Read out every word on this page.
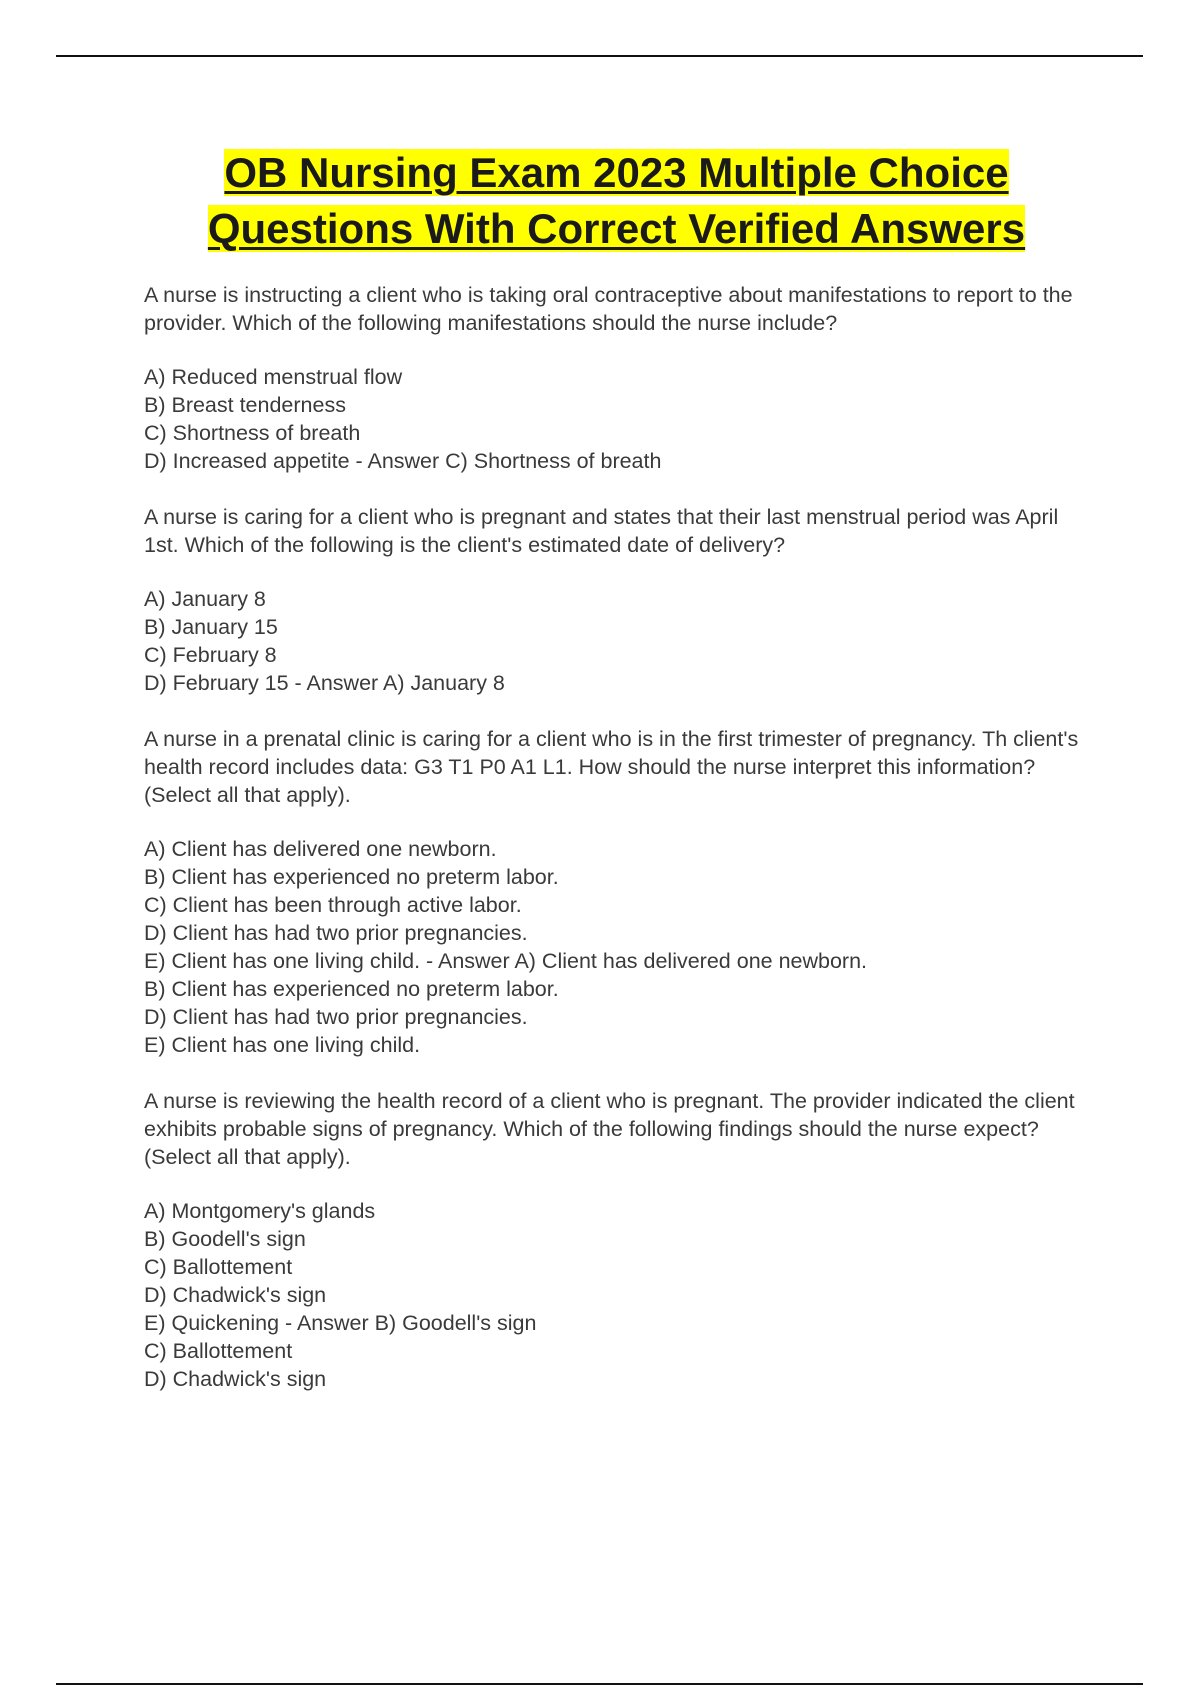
OB Nursing Exam 2023 Multiple Choice
Questions With Correct Verified Answers

A nurse is instructing a client who is taking oral contraceptive about manifestations to report to the provider. Which of the following manifestations should the nurse include?

A) Reduced menstrual flow
B) Breast tenderness
C) Shortness of breath
D) Increased appetite - Answer C) Shortness of breath

A nurse is caring for a client who is pregnant and states that their last menstrual period was April 1st. Which of the following is the client's estimated date of delivery?

A) January 8
B) January 15
C) February 8
D) February 15 - Answer A) January 8

A nurse in a prenatal clinic is caring for a client who is in the first trimester of pregnancy. Th client's health record includes data: G3 T1 P0 A1 L1. How should the nurse interpret this information? (Select all that apply).

A) Client has delivered one newborn.
B) Client has experienced no preterm labor.
C) Client has been through active labor.
D) Client has had two prior pregnancies.
E) Client has one living child. - Answer A) Client has delivered one newborn.
B) Client has experienced no preterm labor.
D) Client has had two prior pregnancies.
E) Client has one living child.

A nurse is reviewing the health record of a client who is pregnant. The provider indicated the client exhibits probable signs of pregnancy. Which of the following findings should the nurse expect? (Select all that apply).

A) Montgomery's glands
B) Goodell's sign
C) Ballottement
D) Chadwick's sign
E) Quickening - Answer B) Goodell's sign
C) Ballottement
D) Chadwick's sign
